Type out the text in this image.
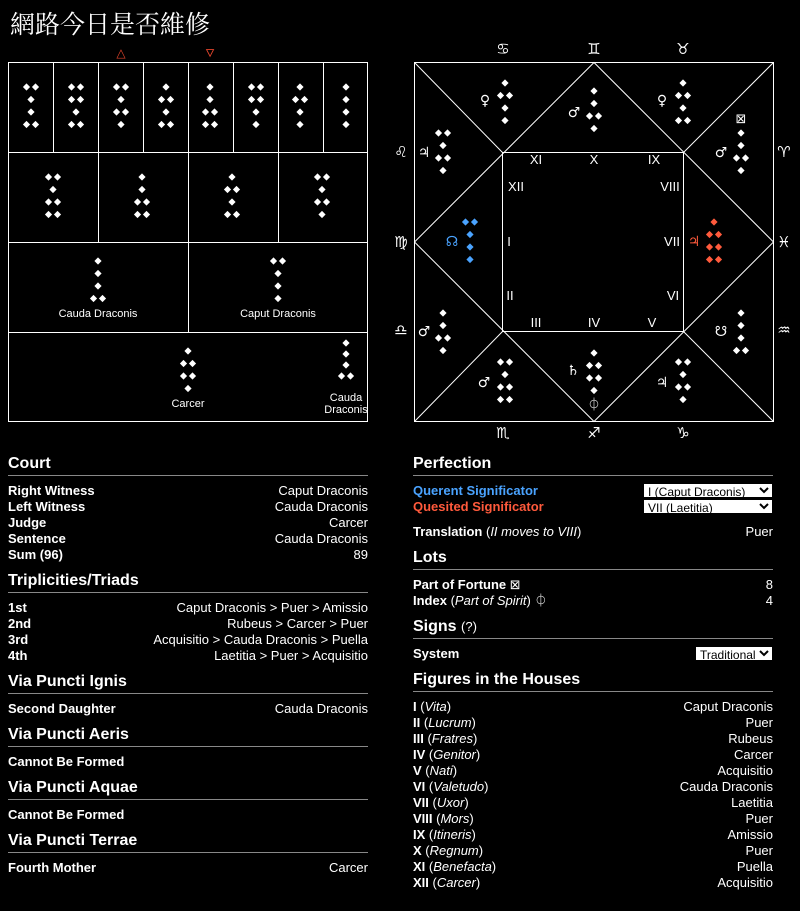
網路今日是否維修
△	🜄
Cauda Draconis	Caput Draconis
Carcer	Cauda
Draconis
♋	♊	♉
♌
♍
♎
♈
♓
♒
♏	♐	♑
XI	X	IX
XII	VIII
I	VII
II	VI
III	IV	V
♂
♀	♀
⊠
♂
♃
☊	♃
♂	☋
♂
♄
♃
⏀
Court
Right Witness	Caput Draconis
Left Witness	Cauda Draconis
Judge	Carcer
Sentence	Cauda Draconis
Sum (96)	89
Triplicities/Triads
1st	Caput Draconis > Puer > Amissio
2nd	Rubeus > Carcer > Puer
3rd	Acquisitio > Cauda Draconis > Puella
4th	Laetitia > Puer > Acquisitio
Via Puncti Ignis
Second Daughter	Cauda Draconis
Via Puncti Aeris
Cannot Be Formed
Via Puncti Aquae
Cannot Be Formed
Via Puncti Terrae
Fourth Mother	Carcer
Perfection
Querent Significator
I (Caput Draconis)
Quesited Significator
VII (Laetitia)
Translation (II moves to VIII)	Puer
Lots
Part of Fortune ⊠	8
Index (Part of Spirit) ⏀	4
Signs (?)
System
Traditional
Figures in the Houses
I (Vita)	Caput Draconis
II (Lucrum)	Puer
III (Fratres)	Rubeus
IV (Genitor)	Carcer
V (Nati)	Acquisitio
VI (Valetudo)	Cauda Draconis
VII (Uxor)	Laetitia
VIII (Mors)	Puer
IX (Itineris)	Amissio
X (Regnum)	Puer
XI (Benefacta)	Puella
XII (Carcer)	Acquisitio
